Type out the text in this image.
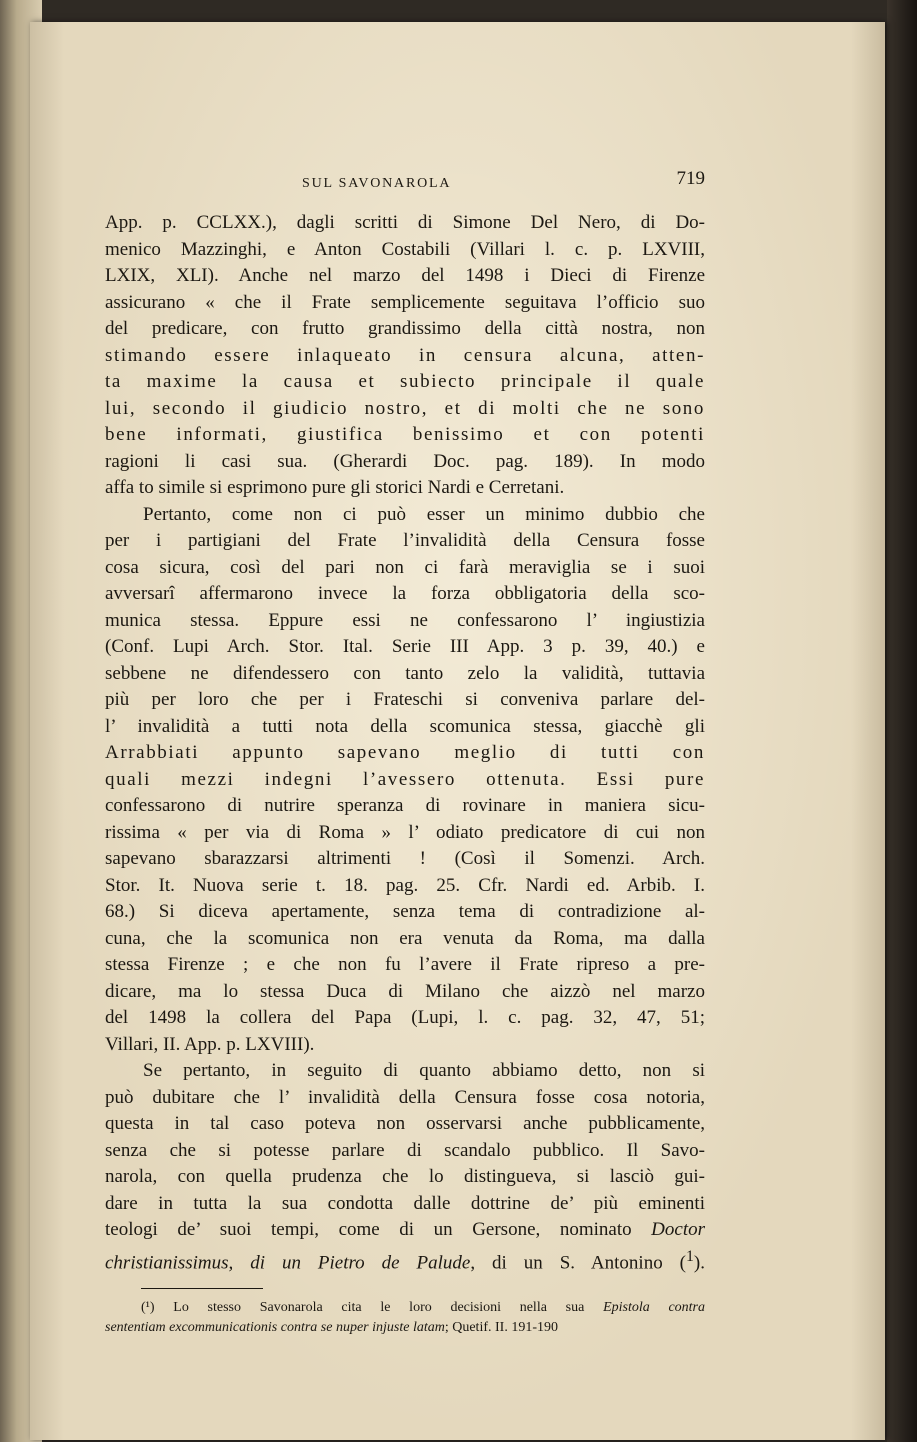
SUL SAVONAROLA	719
App. p. CCLXX.), dagli scritti di Simone Del Nero, di Do-
menico Mazzinghi, e Anton Costabili (Villari l. c. p. LXVIII,
LXIX, XLI). Anche nel marzo del 1498 i Dieci di Firenze
assicurano « che il Frate semplicemente seguitava l’officio suo
del predicare, con frutto grandissimo della città nostra, non
stimando essere inlaqueato in censura alcuna, atten-
ta maxime la causa et subiecto principale il quale
lui, secondo il giudicio nostro, et di molti che ne sono
bene informati, giustifica benissimo et con potenti
ragioni li casi sua. (Gherardi Doc. pag. 189). In modo
affa to simile si esprimono pure gli storici Nardi e Cerretani.
Pertanto, come non ci può esser un minimo dubbio che
per i partigiani del Frate l’invalidità della Censura fosse
cosa sicura, così del pari non ci farà meraviglia se i suoi
avversarî affermarono invece la forza obbligatoria della sco-
munica stessa. Eppure essi ne confessarono l’ ingiustizia
(Conf. Lupi Arch. Stor. Ital. Serie III App. 3 p. 39, 40.) e
sebbene ne difendessero con tanto zelo la validità, tuttavia
più per loro che per i Frateschi si conveniva parlare del-
l’ invalidità a tutti nota della scomunica stessa, giacchè gli
Arrabbiati appunto sapevano meglio di tutti con
quali mezzi indegni l’avessero ottenuta. Essi pure
confessarono di nutrire speranza di rovinare in maniera sicu-
rissima « per via di Roma » l’ odiato predicatore di cui non
sapevano sbarazzarsi altrimenti ! (Così il Somenzi. Arch.
Stor. It. Nuova serie t. 18. pag. 25. Cfr. Nardi ed. Arbib. I.
68.) Si diceva apertamente, senza tema di contradizione al-
cuna, che la scomunica non era venuta da Roma, ma dalla
stessa Firenze ; e che non fu l’avere il Frate ripreso a pre-
dicare, ma lo stessa Duca di Milano che aizzò nel marzo
del 1498 la collera del Papa (Lupi, l. c. pag. 32, 47, 51;
Villari, II. App. p. LXVIII).
Se pertanto, in seguito di quanto abbiamo detto, non si
può dubitare che l’ invalidità della Censura fosse cosa notoria,
questa in tal caso poteva non osservarsi anche pubblicamente,
senza che si potesse parlare di scandalo pubblico. Il Savo-
narola, con quella prudenza che lo distingueva, si lasciò gui-
dare in tutta la sua condotta dalle dottrine de’ più eminenti
teologi de’ suoi tempi, come di un Gersone, nominato Doctor
christianissimus, di un Pietro de Palude, di un S. Antonino ($^1$).
(¹) Lo stesso Savonarola cita le loro decisioni nella sua Epistola contra
sententiam excommunicationis contra se nuper injuste latam; Quetif. II. 191-190
